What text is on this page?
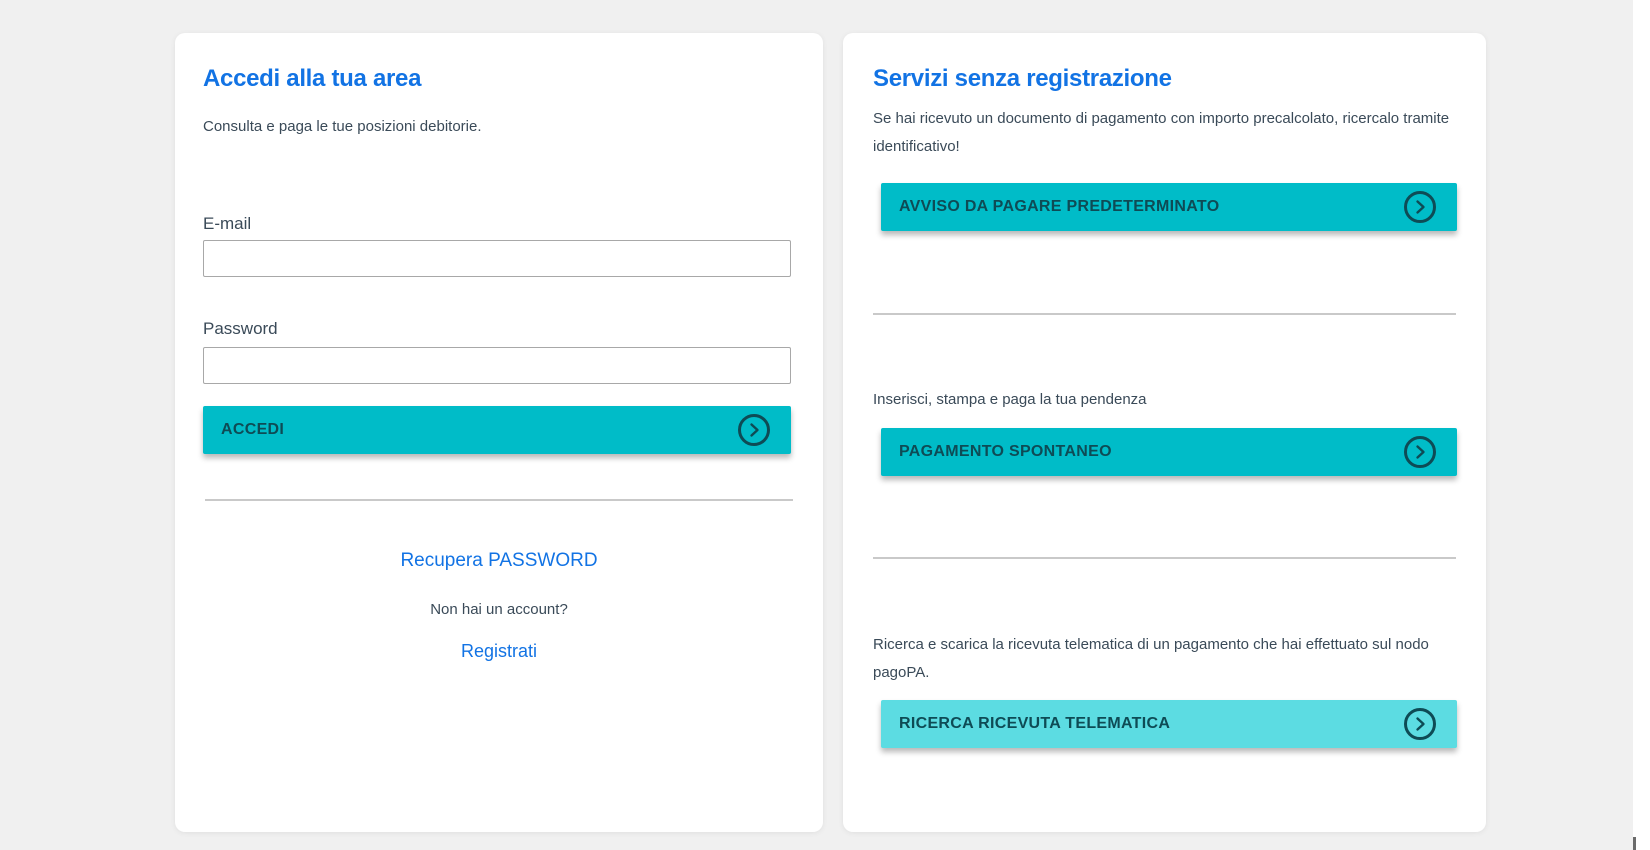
Accedi alla tua area

Consulta e paga le tue posizioni debitorie.

E-mail
Password
ACCEDI
Recupera PASSWORD

Non hai un account?

Registrati
Servizi senza registrazione

Se hai ricevuto un documento di pagamento con importo precalcolato, ricercalo tramite identificativo!

AVVISO DA PAGARE PREDETERMINATO

Inserisci, stampa e paga la tua pendenza

PAGAMENTO SPONTANEO

Ricerca e scarica la ricevuta telematica di un pagamento che hai effettuato sul nodo pagoPA.

RICERCA RICEVUTA TELEMATICA
